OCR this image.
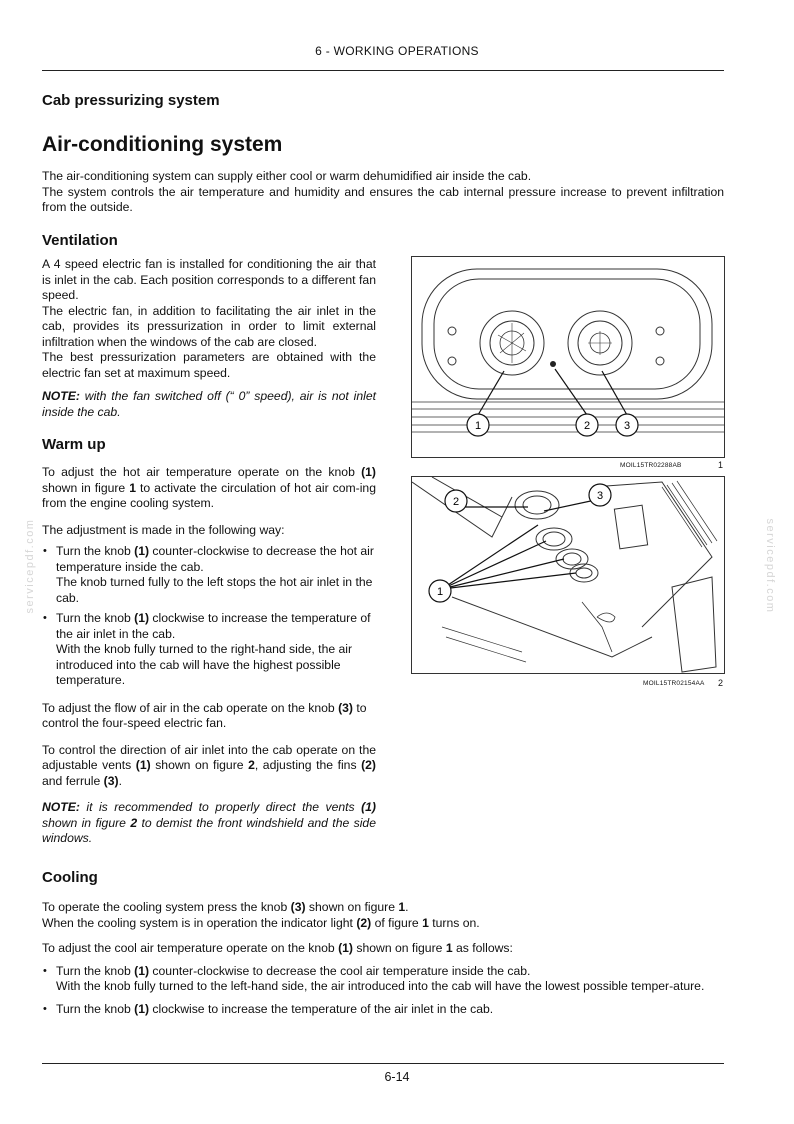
6 - WORKING OPERATIONS
servicepdf.com	servicepdf.com
Cab pressurizing system
Air-conditioning system

The air-conditioning system can supply either cool or warm dehumidified air inside the cab.

The system controls the air temperature and humidity and ensures the cab internal pressure increase to prevent infiltration from the outside.

Ventilation

A 4 speed electric fan is installed for conditioning the air that is inlet in the cab. Each position corresponds to a different fan speed.

The electric fan, in addition to facilitating the air inlet in the cab, provides its pressurization in order to limit external infiltration when the windows of the cab are closed.

The best pressurization parameters are obtained with the electric fan set at maximum speed.

NOTE: with the fan switched off (“ 0” speed), air is not inlet inside the cab.

Warm up

To adjust the hot air temperature operate on the knob (1) shown in figure 1 to activate the circulation of hot air com-ing from the engine cooling system.

The adjustment is made in the following way:

• Turn the knob (1) counter-clockwise to decrease the hot air temperature inside the cab.
The knob turned fully to the left stops the hot air inlet in the cab.
• Turn the knob (1) clockwise to increase the temperature of the air inlet in the cab.
With the knob fully turned to the right-hand side, the air introduced into the cab will have the highest possible temperature.

To adjust the flow of air in the cab operate on the knob (3) to control the four-speed electric fan.

To control the direction of air inlet into the cab operate on the adjustable vents (1) shown on figure 2, adjusting the fins (2) and ferrule (3).

NOTE: it is recommended to properly direct the vents (1) shown in figure 2 to demist the front windshield and the side windows.

1	2	3
MOIL15TR02288AB	1
2	3
1
MOIL15TR02154AA 2
Cooling

To operate the cooling system press the knob (3) shown on figure 1.

When the cooling system is in operation the indicator light (2) of figure 1 turns on.

To adjust the cool air temperature operate on the knob (1) shown on figure 1 as follows:

• Turn the knob (1) counter-clockwise to decrease the cool air temperature inside the cab.
With the knob fully turned to the left-hand side, the air introduced into the cab will have the lowest possible temper-ature.
• Turn the knob (1) clockwise to increase the temperature of the air inlet in the cab.
6-14
